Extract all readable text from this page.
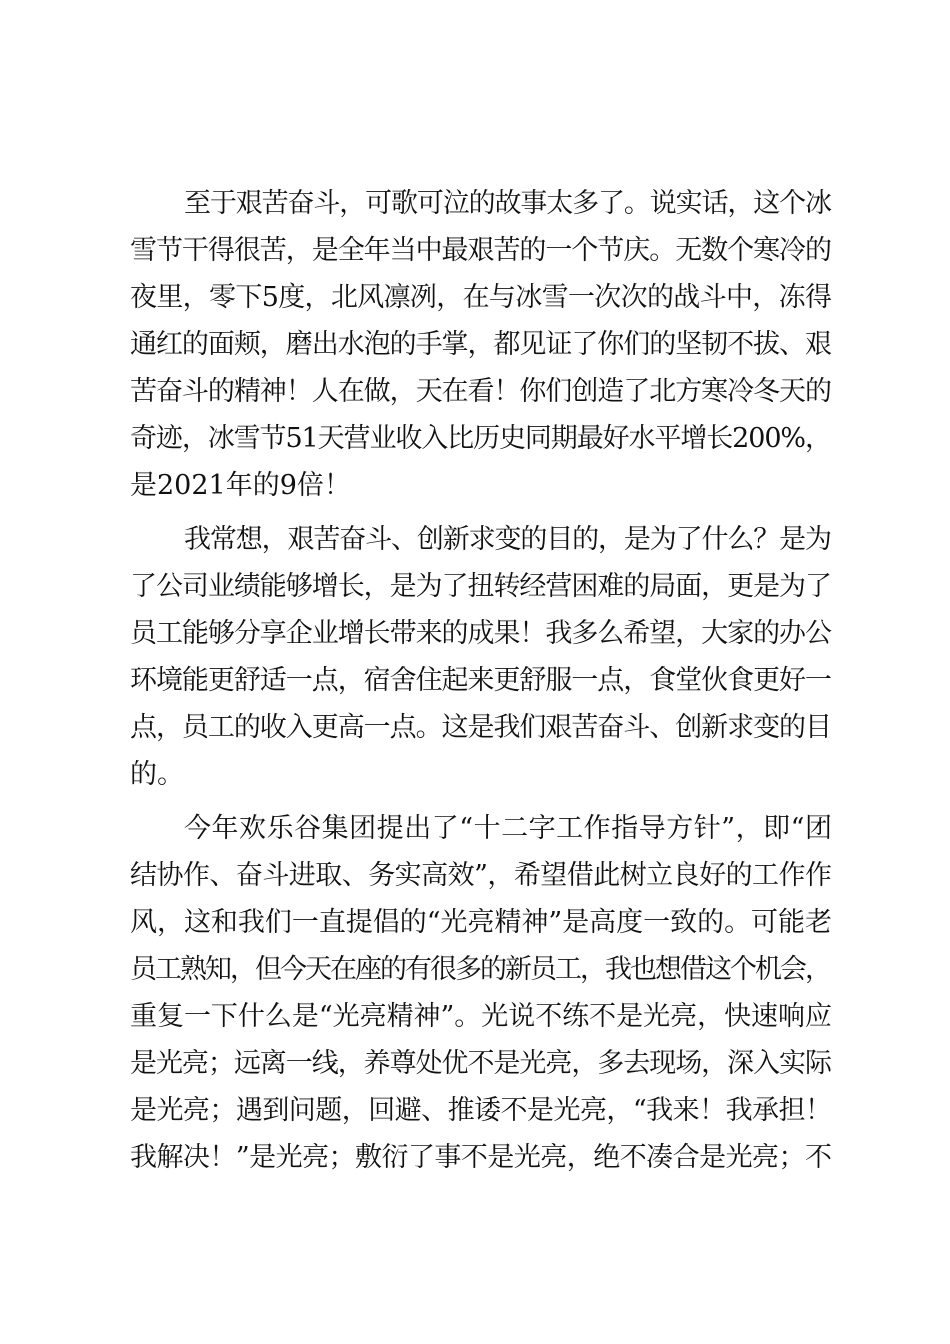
至于艰苦奋斗，可歌可泣的故事太多了。说实话，这个冰
雪节干得很苦，是全年当中最艰苦的一个节庆。无数个寒冷的
夜里，零下5度，北风凛冽，在与冰雪一次次的战斗中，冻得
通红的面颊，磨出水泡的手掌，都见证了你们的坚韧不拔、艰
苦奋斗的精神！人在做，天在看！你们创造了北方寒冷冬天的
奇迹，冰雪节51天营业收入比历史同期最好水平增长200%，
是2021年的9倍！
我常想，艰苦奋斗、创新求变的目的，是为了什么？是为
了公司业绩能够增长，是为了扭转经营困难的局面，更是为了
员工能够分享企业增长带来的成果！我多么希望，大家的办公
环境能更舒适一点，宿舍住起来更舒服一点，食堂伙食更好一
点，员工的收入更高一点。这是我们艰苦奋斗、创新求变的目
的。
今年欢乐谷集团提出了“十二字工作指导方针”，即“团
结协作、奋斗进取、务实高效”，希望借此树立良好的工作作
风，这和我们一直提倡的“光亮精神”是高度一致的。可能老
员工熟知，但今天在座的有很多的新员工，我也想借这个机会，
重复一下什么是“光亮精神”。光说不练不是光亮，快速响应
是光亮；远离一线，养尊处优不是光亮，多去现场，深入实际
是光亮；遇到问题，回避、推诿不是光亮，“我来！我承担！
我解决！”是光亮；敷衍了事不是光亮，绝不凑合是光亮；不
